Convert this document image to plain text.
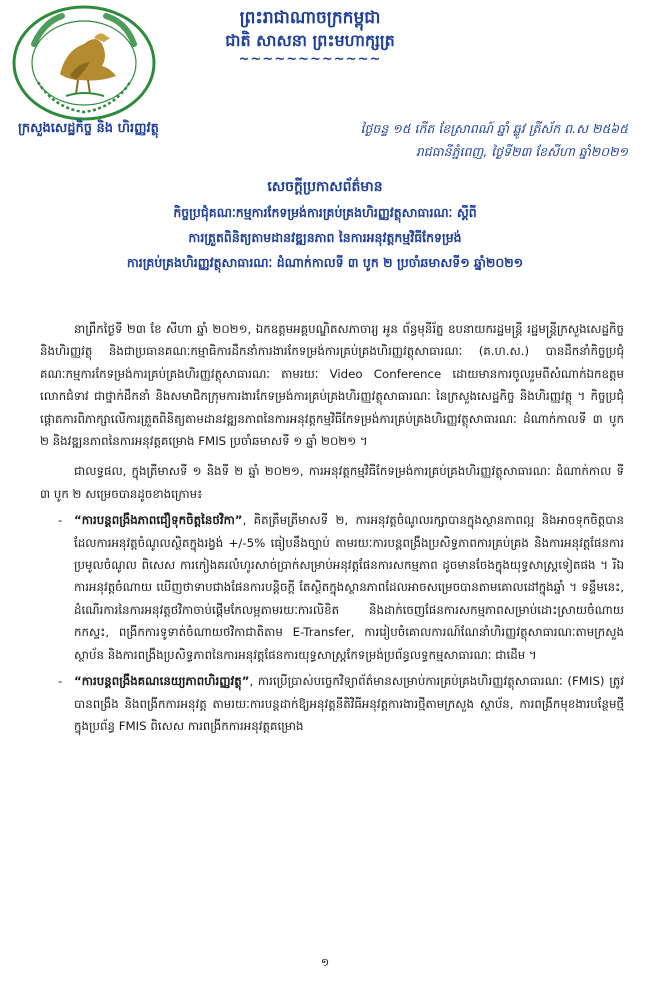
ព្រះរាជាណាចក្រកម្ពុជា
ជាតិ សាសនា ព្រះមហាក្សត្រ
~~~~~~~~~~~~
ក្រសួងសេដ្ឋកិច្ច និង ហិរញ្ញវត្ថុ	ថ្ងៃចន្ទ ១៥ កើត ខែស្រាពណ៍ ឆ្នាំ ឆ្លូវ ត្រីស័ក ព.ស ២៥៦៥
រាជធានីភ្នំពេញ, ថ្ងៃទី២៣ ខែសីហា ឆ្នាំ២០២១
សេចក្ដីប្រកាសព័ត៌មាន
កិច្ចប្រជុំគណៈកម្មការកែទម្រង់ការគ្រប់គ្រងហិរញ្ញវត្ថុសាធារណៈ ស្ដីពី
ការត្រួតពិនិត្យតាមដានវឌ្ឍនភាព នៃការអនុវត្តកម្មវិធីកែទម្រង់
ការគ្រប់គ្រងហិរញ្ញវត្ថុសាធារណៈ ដំណាក់កាលទី ៣ បូក ២ ប្រចាំឆមាសទី១ ឆ្នាំ២០២១

នាព្រឹកថ្ងៃទី ២៣ ខែ សីហា ឆ្នាំ ២០២១, ឯកឧត្តមអគ្គបណ្ឌិតសភាចារ្យ អូន ព័ន្ធមុនីរ័ត្ន ឧបនាយករដ្ឋមន្ត្រី រដ្ឋមន្ត្រីក្រសួងសេដ្ឋកិច្ច និងហិរញ្ញវត្ថុ និងជាប្រធានគណៈកម្មាធិការដឹកនាំការងារកែទម្រង់ការគ្រប់គ្រងហិរញ្ញវត្ថុសាធារណៈ (គ.ហ.ស.) បានដឹកនាំកិច្ចប្រជុំគណៈកម្មការកែទម្រង់ការគ្រប់គ្រងហិរញ្ញវត្ថុសាធារណៈ តាមរយៈ Video Conference ដោយមានការចូលរួមពីសំណាក់ឯកឧត្តម លោកជំទាវ ជាថ្នាក់ដឹកនាំ និងសមាជិកក្រុមការងារកែទម្រង់ការគ្រប់គ្រងហិរញ្ញវត្ថុសាធារណៈ នៃក្រសួងសេដ្ឋកិច្ច និងហិរញ្ញវត្ថុ ។ កិច្ចប្រជុំ ផ្ដោតការពិភាក្សាលើការត្រួតពិនិត្យតាមដានវឌ្ឍនភាពនៃការអនុវត្តកម្មវិធីកែទម្រង់ការគ្រប់គ្រងហិរញ្ញវត្ថុសាធារណៈ ដំណាក់កាលទី ៣ បូក ២ និងវឌ្ឍនភាពនៃការអនុវត្តគម្រោង FMIS ប្រចាំឆមាសទី ១ ឆ្នាំ ២០២១ ។

ជាលទ្ធផល, ក្នុងត្រីមាសទី ១ និងទី ២ ឆ្នាំ ២០២១, ការអនុវត្តកម្មវិធីកែទម្រង់ការគ្រប់គ្រងហិរញ្ញវត្ថុសាធារណៈ ដំណាក់កាល ទី ៣ បូក ២ សម្រេចបានដូចខាងក្រោម៖

- “ការបន្តពង្រឹងភាពជឿទុកចិត្តនៃថវិកា”, គិតត្រឹមត្រីមាសទី ២, ការអនុវត្តចំណូលរក្សាបានក្នុងស្ថានភាពល្អ និងអាចទុកចិត្តបាន ដែលការអនុវត្តចំណូលស្ថិតក្នុងរង្វង់ +/-5% ធៀបនឹងច្បាប់ តាមរយៈការបន្តពង្រឹងប្រសិទ្ធភាពការគ្រប់គ្រង និងការអនុវត្តផែនការប្រមូលចំណូល ពិសេស ការកៀងគរលំហូរសាច់ប្រាក់សម្រាប់អនុវត្តផែនការសកម្មភាព ដូចមានចែងក្នុងយុទ្ធសាស្ត្រទៀតផង ។ រីឯការអនុវត្តចំណាយ ឃើញថាទាបជាងផែនការបន្តិចក្ដី តែស្ថិតក្នុងស្ថានភាពដែលអាចសម្រេចបានតាមគោលដៅក្នុងឆ្នាំ ។ ទន្ទឹមនេះ, ដំណើរការនៃការអនុវត្តថវិកាចាប់ផ្ដើមកែលម្អតាមរយៈការលិខិត និងដាក់ចេញផែនការសកម្មភាពសម្រាប់ដោះស្រាយចំណាយកកស្ទះ, ពង្រីកការទូទាត់ចំណាយថវិកាជាតិតាម E-Transfer, ការរៀបចំគោលការណ៍ណែនាំហិរញ្ញវត្ថុសាធារណៈតាមក្រសួង ស្ថាប័ន និងការពង្រឹងប្រសិទ្ធភាពនៃការអនុវត្តផែនការយុទ្ធសាស្ត្រកែទម្រង់ប្រព័ន្ធលទ្ធកម្មសាធារណៈ ជាដើម ។
- “ការបន្តពង្រឹងគណនេយ្យភាពហិរញ្ញវត្ថុ”, ការប្រើប្រាស់បច្ចេកវិទ្យាព័ត៌មានសម្រាប់ការគ្រប់គ្រងហិរញ្ញវត្ថុសាធារណៈ (FMIS) ត្រូវបានពង្រឹង និងពង្រីកការអនុវត្ត តាមរយៈការបន្តដាក់ឱ្យអនុវត្តនីតិវិធីអនុវត្តការងារថ្មីតាមក្រសួង ស្ថាប័ន, ការពង្រីកមុខងារបន្ថែមថ្មីក្នុងប្រព័ន្ធ FMIS ពិសេស ការពង្រីកការអនុវត្តគម្រោង
១
